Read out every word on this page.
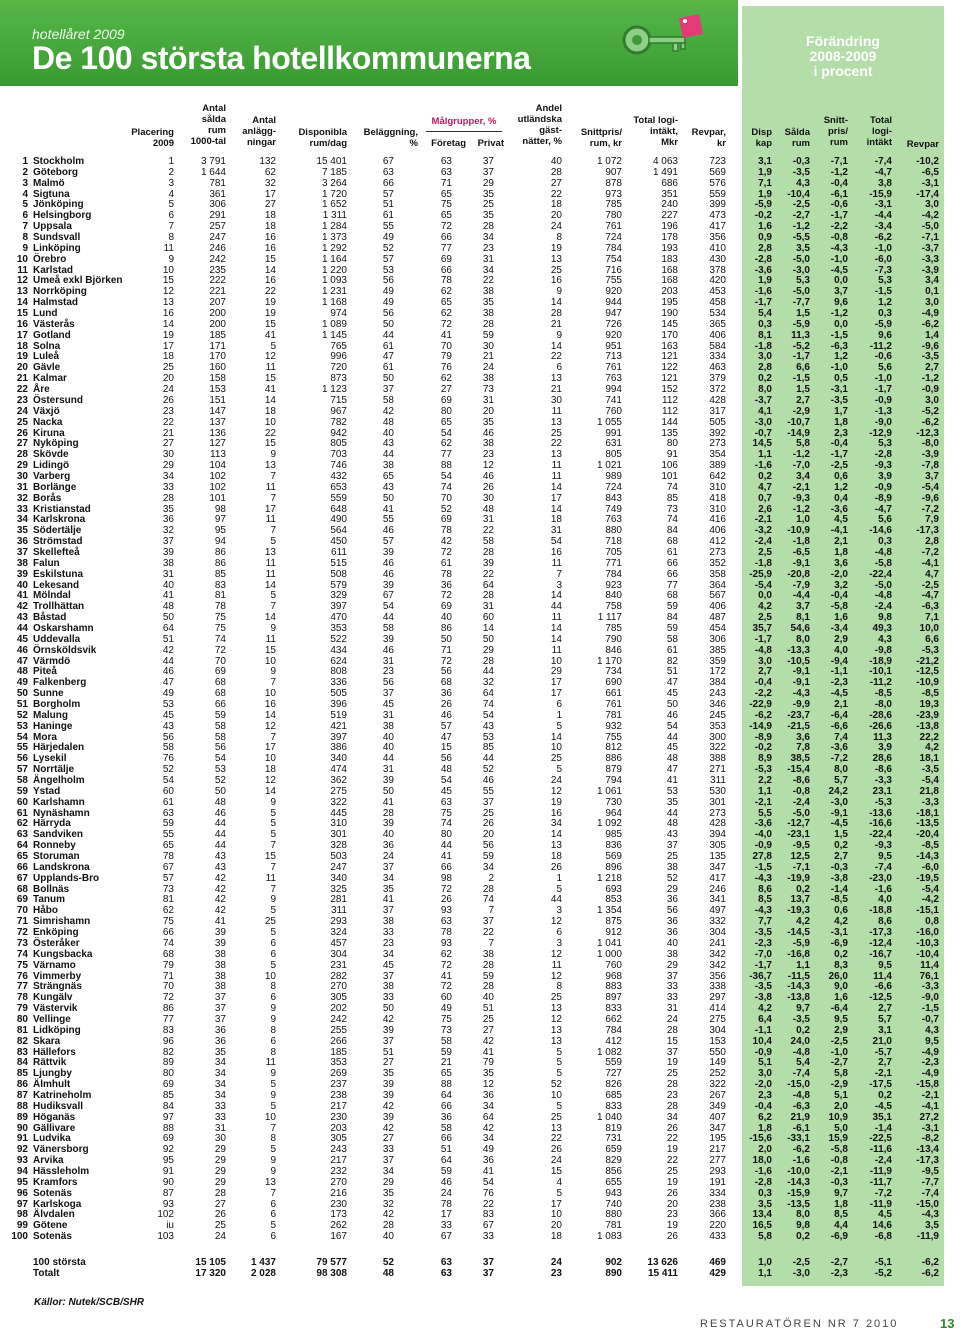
hotellåret 2009
De 100 största hotellkommunerna	Förändring
2008-2009
i procent
Placering
2009
Antal
sålda
rum
1000-tal
Antal
anlägg-
ningar
Disponibla
rum/dag
Beläggning,
%
Målgrupper, %
Företag	Privat
Andel
utländska
gäst-
nätter, %
Snittpris/
rum, kr
Total logi-
intäkt,
Mkr
Revpar,
kr
Disp
kap
Sålda
rum
Snitt-
pris/
rum
Total
logi-
intäkt	Revpar
1 Stockholm	1	3 791	132	15 401	67	63	37	40	1 072	4 063	723	3,1	-0,3	-7,1	-7,4	-10,2
2 Göteborg	2	1 644	62	7 185	63	63	37	28	907	1 491	569	1,9	-3,5	-1,2	-4,7	-6,5
3 Malmö	3	781	32	3 264	66	71	29	27	878	686	576	7,1	4,3	-0,4	3,8	-3,1
4 Sigtuna	4	361	17	1 720	57	65	35	22	973	351	559	1,9	-10,4	-6,1	-15,9	-17,4
5 Jönköping	5	306	27	1 652	51	75	25	18	785	240	399	-5,9	-2,5	-0,6	-3,1	3,0
6 Helsingborg	6	291	18	1 311	61	65	35	20	780	227	473	-0,2	-2,7	-1,7	-4,4	-4,2
7 Uppsala	7	257	18	1 284	55	72	28	24	761	196	417	1,6	-1,2	-2,2	-3,4	-5,0
8 Sundsvall	8	247	16	1 373	49	66	34	8	724	178	356	0,9	-5,5	-0,8	-6,2	-7,1
9 Linköping	11	246	16	1 292	52	77	23	19	784	193	410	2,8	3,5	-4,3	-1,0	-3,7
10 Örebro	9	242	15	1 164	57	69	31	13	754	183	430	-2,8	-5,0	-1,0	-6,0	-3,3
11 Karlstad	10	235	14	1 220	53	66	34	25	716	168	378	-3,6	-3,0	-4,5	-7,3	-3,9
12 Umeå exkl Björken	15	222	16	1 093	56	78	22	16	755	168	420	1,9	5,3	0,0	5,3	3,4
13 Norrköping	12	221	22	1 231	49	62	38	9	920	203	453	-1,6	-5,0	3,7	-1,5	0,1
14 Halmstad	13	207	19	1 168	49	65	35	14	944	195	458	-1,7	-7,7	9,6	1,2	3,0
15 Lund	16	200	19	974	56	62	38	28	947	190	534	5,4	1,5	-1,2	0,3	-4,9
16 Västerås	14	200	15	1 089	50	72	28	21	726	145	365	0,3	-5,9	0,0	-5,9	-6,2
17 Gotland	19	185	41	1 145	44	41	59	9	920	170	406	8,1	11,3	-1,5	9,6	1,4
18 Solna	17	171	5	765	61	70	30	14	951	163	584	-1,8	-5,2	-6,3	-11,2	-9,6
19 Luleå	18	170	12	996	47	79	21	22	713	121	334	3,0	-1,7	1,2	-0,6	-3,5
20 Gävle	25	160	11	720	61	76	24	6	761	122	463	2,8	6,6	-1,0	5,6	2,7
21 Kalmar	20	158	15	873	50	62	38	13	763	121	379	0,2	-1,5	0,5	-1,0	-1,2
22 Åre	24	153	41	1 123	37	27	73	21	994	152	372	8,0	1,5	-3,1	-1,7	-0,9
23 Östersund	26	151	14	715	58	69	31	30	741	112	428	-3,7	2,7	-3,5	-0,9	3,0
24 Växjö	23	147	18	967	42	80	20	11	760	112	317	4,1	-2,9	1,7	-1,3	-5,2
25 Nacka	22	137	10	782	48	65	35	13	1 055	144	505	-3,0	-10,7	1,8	-9,0	-6,2
26 Kiruna	21	136	22	942	40	54	46	25	991	135	392	-0,7	-14,9	2,3	-12,9	-12,3
27 Nyköping	27	127	15	805	43	62	38	22	631	80	273	14,5	5,8	-0,4	5,3	-8,0
28 Skövde	30	113	9	703	44	77	23	13	805	91	354	1,1	-1,2	-1,7	-2,8	-3,9
29 Lidingö	29	104	13	746	38	88	12	11	1 021	106	389	-1,6	-7,0	-2,5	-9,3	-7,8
30 Varberg	34	102	7	432	65	54	46	11	989	101	642	0,2	3,4	0,6	3,9	3,7
31 Borlänge	33	102	11	653	43	74	26	14	724	74	310	4,7	-2,1	1,2	-0,9	-5,4
32 Borås	28	101	7	559	50	70	30	17	843	85	418	0,7	-9,3	0,4	-8,9	-9,6
33 Kristianstad	35	98	17	648	41	52	48	14	749	73	310	2,6	-1,2	-3,6	-4,7	-7,2
34 Karlskrona	36	97	11	490	55	69	31	18	763	74	416	-2,1	1,0	4,5	5,6	7,9
35 Södertälje	32	95	7	564	46	78	22	31	880	84	406	-3,2	-10,9	-4,1	-14,6	-17,3
36 Strömstad	37	94	5	450	57	42	58	54	718	68	412	-2,4	-1,8	2,1	0,3	2,8
37 Skellefteå	39	86	13	611	39	72	28	16	705	61	273	2,5	-6,5	1,8	-4,8	-7,2
38 Falun	38	86	11	515	46	61	39	11	771	66	352	-1,8	-9,1	3,6	-5,8	-4,1
39 Eskilstuna	31	85	11	508	46	78	22	7	784	66	358	-25,9	-20,8	-2,0	-22,4	4,7
40 Lekesand	40	83	14	579	39	36	64	3	923	77	364	-5,4	-7,9	3,2	-5,0	-2,5
41 Mölndal	41	81	5	329	67	72	28	14	840	68	567	0,0	-4,4	-0,4	-4,8	-4,7
42 Trollhättan	48	78	7	397	54	69	31	44	758	59	406	4,2	3,7	-5,8	-2,4	-6,3
43 Båstad	50	75	14	470	44	40	60	11	1 117	84	487	2,5	8,1	1,6	9,8	7,1
44 Oskarshamn	64	75	9	353	58	86	14	14	785	59	454	35,7	54,6	-3,4	49,3	10,0
45 Uddevalla	51	74	11	522	39	50	50	14	790	58	306	-1,7	8,0	2,9	4,3	6,6
46 Örnsköldsvik	42	72	15	434	46	71	29	11	846	61	385	-4,8	-13,3	4,0	-9,8	-5,3
47 Värmdö	44	70	10	624	31	72	28	10	1 170	82	359	3,0	-10,5	-9,4	-18,9	-21,2
48 Piteå	46	69	9	808	23	56	44	29	734	51	172	2,7	-9,1	-1,1	-10,1	-12,5
49 Falkenberg	47	68	7	336	56	68	32	17	690	47	384	-0,4	-9,1	-2,3	-11,2	-10,9
50 Sunne	49	68	10	505	37	36	64	17	661	45	243	-2,2	-4,3	-4,5	-8,5	-8,5
51 Borgholm	53	66	16	396	45	26	74	6	761	50	346	-22,9	-9,9	2,1	-8,0	19,3
52 Malung	45	59	14	519	31	46	54	1	781	46	245	-6,2	-23,7	-6,4	-28,6	-23,9
53 Haninge	43	58	12	421	38	57	43	5	932	54	353	-14,9	-21,5	-6,6	-26,6	-13,8
54 Mora	56	58	7	397	40	47	53	14	755	44	300	-8,9	3,6	7,4	11,3	22,2
55 Härjedalen	58	56	17	386	40	15	85	10	812	45	322	-0,2	7,8	-3,6	3,9	4,2
56 Lysekil	76	54	10	340	44	56	44	25	886	48	388	8,9	38,5	-7,2	28,6	18,1
57 Norrtälje	52	53	18	474	31	48	52	5	879	47	271	-5,3	-15,4	8,0	-8,6	-3,5
58 Ängelholm	54	52	12	362	39	54	46	24	794	41	311	2,2	-8,6	5,7	-3,3	-5,4
59 Ystad	60	50	14	275	50	45	55	12	1 061	53	530	1,1	-0,8	24,2	23,1	21,8
60 Karlshamn	61	48	9	322	41	63	37	19	730	35	301	-2,1	-2,4	-3,0	-5,3	-3,3
61 Nynäshamn	63	46	5	445	28	75	25	16	964	44	273	5,5	-5,0	-9,1	-13,6	-18,1
62 Härryda	59	44	5	310	39	74	26	34	1 092	48	428	-3,6	-12,7	-4,5	-16,6	-13,5
63 Sandviken	55	44	5	301	40	80	20	14	985	43	394	-4,0	-23,1	1,5	-22,4	-20,4
64 Ronneby	65	44	7	328	36	44	56	13	836	37	305	-0,9	-9,5	0,2	-9,3	-8,5
65 Storuman	78	43	15	503	24	41	59	18	569	25	135	27,8	12,5	2,7	9,5	-14,3
66 Landskrona	67	43	7	247	37	66	34	26	896	38	347	-1,5	-7,1	-0,3	-7,4	-6,0
67 Upplands-Bro	57	42	11	340	34	98	2	1	1 218	52	417	-4,3	-19,9	-3,8	-23,0	-19,5
68 Bollnäs	73	42	7	325	35	72	28	5	693	29	246	8,6	0,2	-1,4	-1,6	-5,4
69 Tanum	81	42	9	281	41	26	74	44	853	36	341	8,5	13,7	-8,5	4,0	-4,2
70 Håbo	62	42	5	311	37	93	7	3	1 354	56	497	-4,3	-19,3	0,6	-18,8	-15,1
71 Simrishamn	75	41	25	293	38	63	37	12	875	36	332	7,7	4,2	4,2	8,6	0,8
72 Enköping	66	39	5	324	33	78	22	6	912	36	304	-3,5	-14,5	-3,1	-17,3	-16,0
73 Österåker	74	39	6	457	23	93	7	3	1 041	40	241	-2,3	-5,9	-6,9	-12,4	-10,3
74 Kungsbacka	68	38	6	304	34	62	38	12	1 000	38	342	-7,0	-16,8	0,2	-16,7	-10,4
75 Värnamo	79	38	5	231	45	72	28	11	760	29	342	-1,7	1,1	8,3	9,5	11,4
76 Vimmerby	71	38	10	282	37	41	59	12	968	37	356	-36,7	-11,5	26,0	11,4	76,1
77 Strängnäs	70	38	8	270	38	72	28	8	883	33	338	-3,5	-14,3	9,0	-6,6	-3,3
78 Kungälv	72	37	6	305	33	60	40	25	897	33	297	-3,8	-13,8	1,6	-12,5	-9,0
79 Västervik	86	37	9	202	50	49	51	13	833	31	414	4,2	9,7	-6,4	2,7	-1,5
80 Vellinge	77	37	9	242	42	75	25	12	662	24	275	6,4	-3,5	9,5	5,7	-0,7
81 Lidköping	83	36	8	255	39	73	27	13	784	28	304	-1,1	0,2	2,9	3,1	4,3
82 Skara	96	36	6	266	37	58	42	13	412	15	153	10,4	24,0	-2,5	21,0	9,5
83 Hällefors	82	35	8	185	51	59	41	5	1 082	37	550	-0,9	-4,8	-1,0	-5,7	-4,9
84 Rättvik	89	34	11	353	27	21	79	5	559	19	149	5,1	5,4	-2,7	2,7	-2,3
85 Ljungby	80	34	9	269	35	65	35	5	727	25	252	3,0	-7,4	5,8	-2,1	-4,9
86 Älmhult	69	34	5	237	39	88	12	52	826	28	322	-2,0	-15,0	-2,9	-17,5	-15,8
87 Katrineholm	85	34	9	238	39	64	36	10	685	23	267	2,3	-4,8	5,1	0,2	-2,1
88 Hudiksvall	84	33	5	217	42	66	34	5	833	28	349	-0,4	-6,3	2,0	-4,5	-4,1
89 Höganäs	97	33	10	230	39	36	64	25	1 040	34	407	6,2	21,9	10,9	35,1	27,2
90 Gällivare	88	31	7	203	42	58	42	13	819	26	347	1,8	-6,1	5,0	-1,4	-3,1
91 Ludvika	69	30	8	305	27	66	34	22	731	22	195	-15,6	-33,1	15,9	-22,5	-8,2
92 Vänersborg	92	29	5	243	33	51	49	26	659	19	217	2,0	-6,2	-5,8	-11,6	-13,4
93 Arvika	95	29	9	217	37	64	36	24	829	22	277	18,0	-1,6	-0,8	-2,4	-17,3
94 Hässleholm	91	29	9	232	34	59	41	15	856	25	293	-1,6	-10,0	-2,1	-11,9	-9,5
95 Kramfors	90	29	13	270	29	46	54	4	655	19	191	-2,8	-14,3	-0,3	-11,7	-7,7
96 Sotenäs	87	28	7	216	35	24	76	5	943	26	334	0,3	-15,9	9,7	-7,2	-7,4
97 Karlskoga	93	27	6	230	32	78	22	17	740	20	238	3,5	-13,5	1,8	-11,9	-15,0
98 Älvdalen	102	26	6	173	42	17	83	10	880	23	366	13,4	8,0	8,5	4,5	-4,3
99 Götene	iu	25	5	262	28	33	67	20	781	19	220	16,5	9,8	4,4	14,6	3,5
100 Sotenäs	103	24	6	167	40	67	33	18	1 083	26	433	5,8	0,2	-6,9	-6,8	-11,9
100 största	15 105	1 437	79 577	52	63	37	24	902	13 626	469	1,0	-2,5	-2,7	-5,1	-6,2
Totalt	17 320	2 028	98 308	48	63	37	23	890	15 411	429	1,1	-3,0	-2,3	-5,2	-6,2
Källor: Nutek/SCB/SHR
RESTAURATÖREN NR 7 2010	13
